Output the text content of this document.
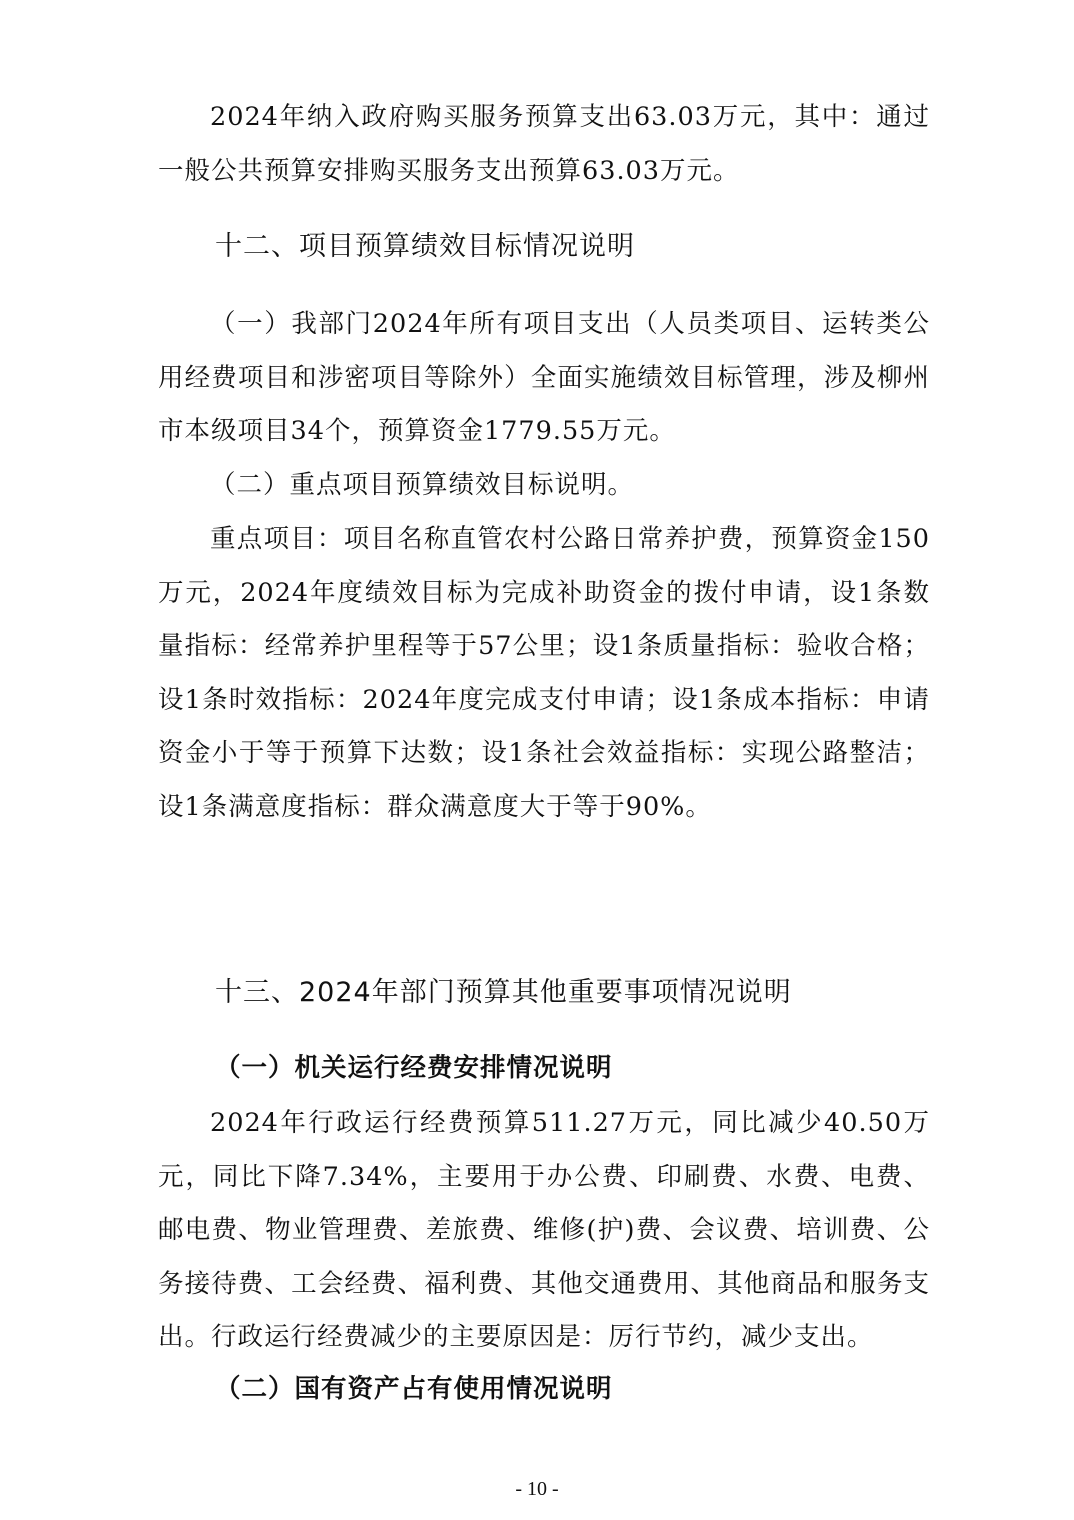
2024年纳入政府购买服务预算支出63.03万元，其中：通过一般公共预算安排购买服务支出预算63.03万元。

十二、项目预算绩效目标情况说明

（一）我部门2024年所有项目支出（人员类项目、运转类公用经费项目和涉密项目等除外）全面实施绩效目标管理，涉及柳州市本级项目34个，预算资金1779.55万元。

（二）重点项目预算绩效目标说明。

重点项目：项目名称直管农村公路日常养护费，预算资金150万元，2024年度绩效目标为完成补助资金的拨付申请，设1条数量指标：经常养护里程等于57公里；设1条质量指标：验收合格；设1条时效指标：2024年度完成支付申请；设1条成本指标：申请资金小于等于预算下达数；设1条社会效益指标：实现公路整洁；设1条满意度指标：群众满意度大于等于90%。

十三、2024年部门预算其他重要事项情况说明
（一）机关运行经费安排情况说明

2024年行政运行经费预算511.27万元，同比减少40.50万元，同比下降7.34%，主要用于办公费、印刷费、水费、电费、邮电费、物业管理费、差旅费、维修(护)费、会议费、培训费、公务接待费、工会经费、福利费、其他交通费用、其他商品和服务支出。行政运行经费减少的主要原因是：厉行节约，减少支出。

（二）国有资产占有使用情况说明
- 10 -
